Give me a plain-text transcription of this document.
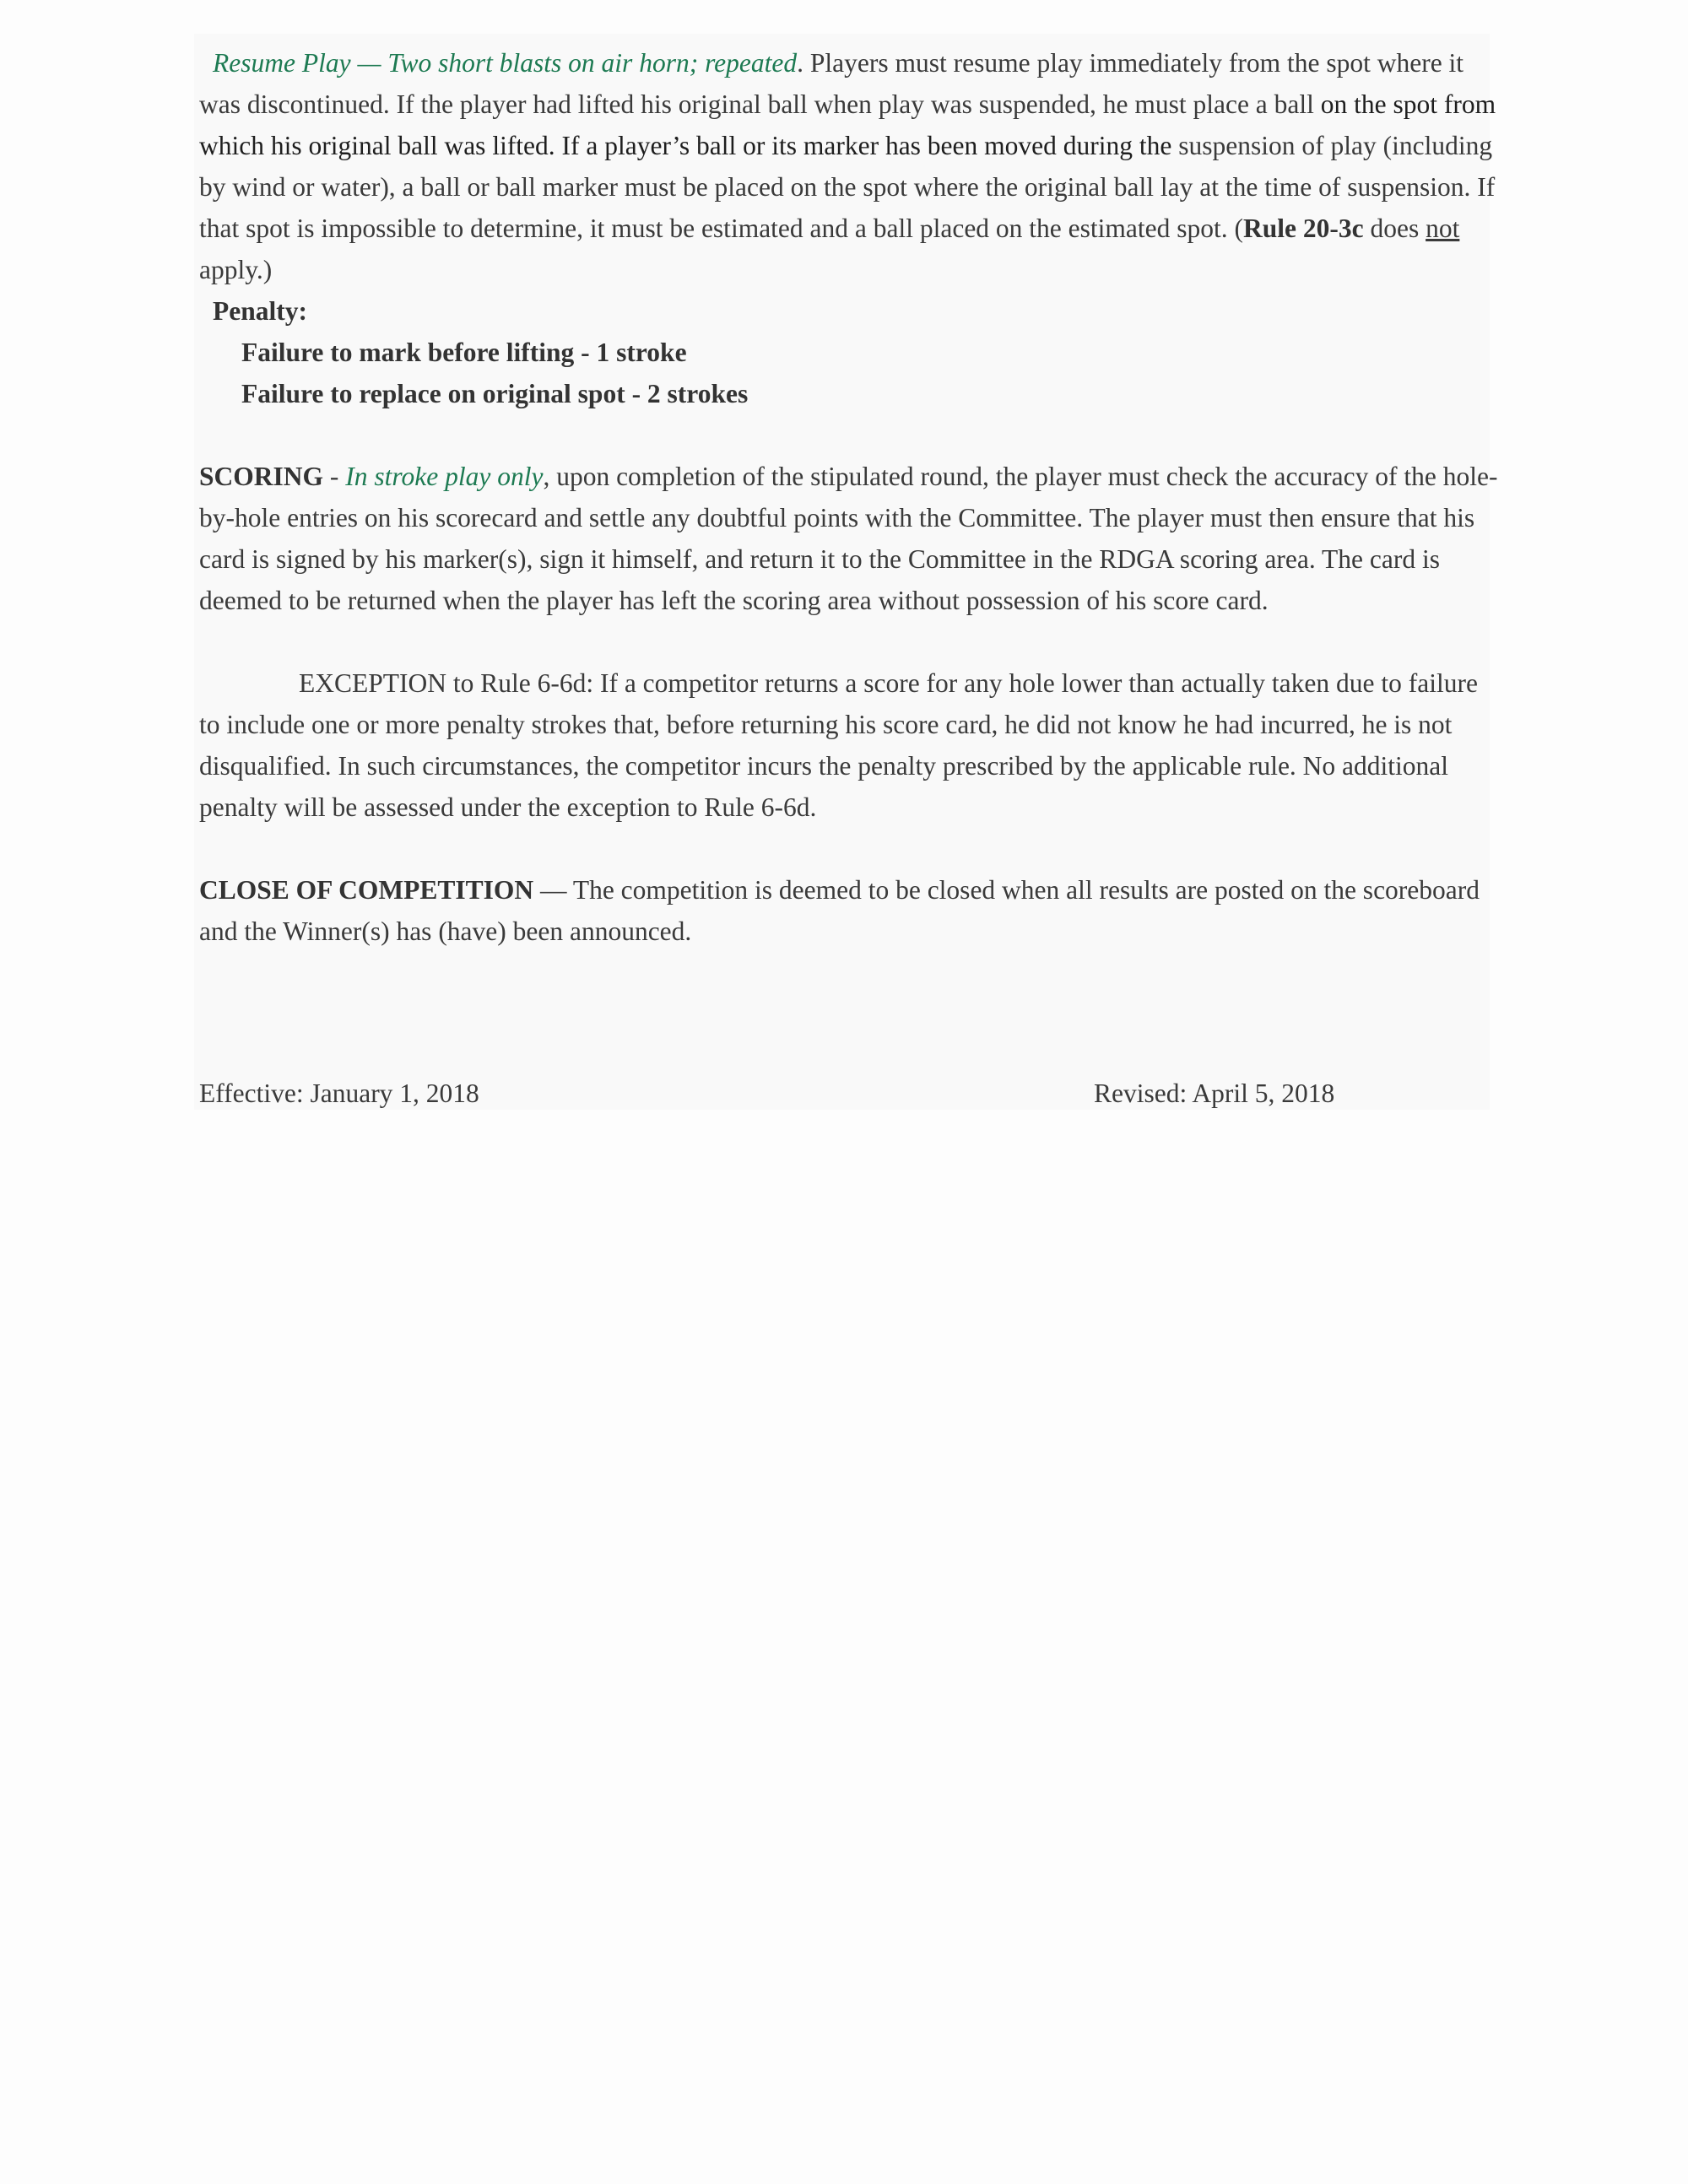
Resume Play — Two short blasts on air horn; repeated. Players must resume play immediately from the spot where it was discontinued. If the player had lifted his original ball when play was suspended, he must place a ball on the spot from which his original ball was lifted. If a player’s ball or its marker has been moved during the suspension of play (including by wind or water), a ball or ball marker must be placed on the spot where the original ball lay at the time of suspension. If that spot is impossible to determine, it must be estimated and a ball placed on the estimated spot. (Rule 20-3c does not apply.)

Penalty:

Failure to mark before lifting - 1 stroke

Failure to replace on original spot - 2 strokes

SCORING - In stroke play only, upon completion of the stipulated round, the player must check the accuracy of the hole-by-hole entries on his scorecard and settle any doubtful points with the Committee. The player must then ensure that his card is signed by his marker(s), sign it himself, and return it to the Committee in the RDGA scoring area. The card is deemed to be returned when the player has left the scoring area without possession of his score card.

EXCEPTION to Rule 6-6d: If a competitor returns a score for any hole lower than actually taken due to failure to include one or more penalty strokes that, before returning his score card, he did not know he had incurred, he is not disqualified. In such circumstances, the competitor incurs the penalty prescribed by the applicable rule. No additional penalty will be assessed under the exception to Rule 6-6d.

CLOSE OF COMPETITION — The competition is deemed to be closed when all results are posted on the scoreboard and the Winner(s) has (have) been announced.

Effective: January 1, 2018	Revised: April 5, 2018
